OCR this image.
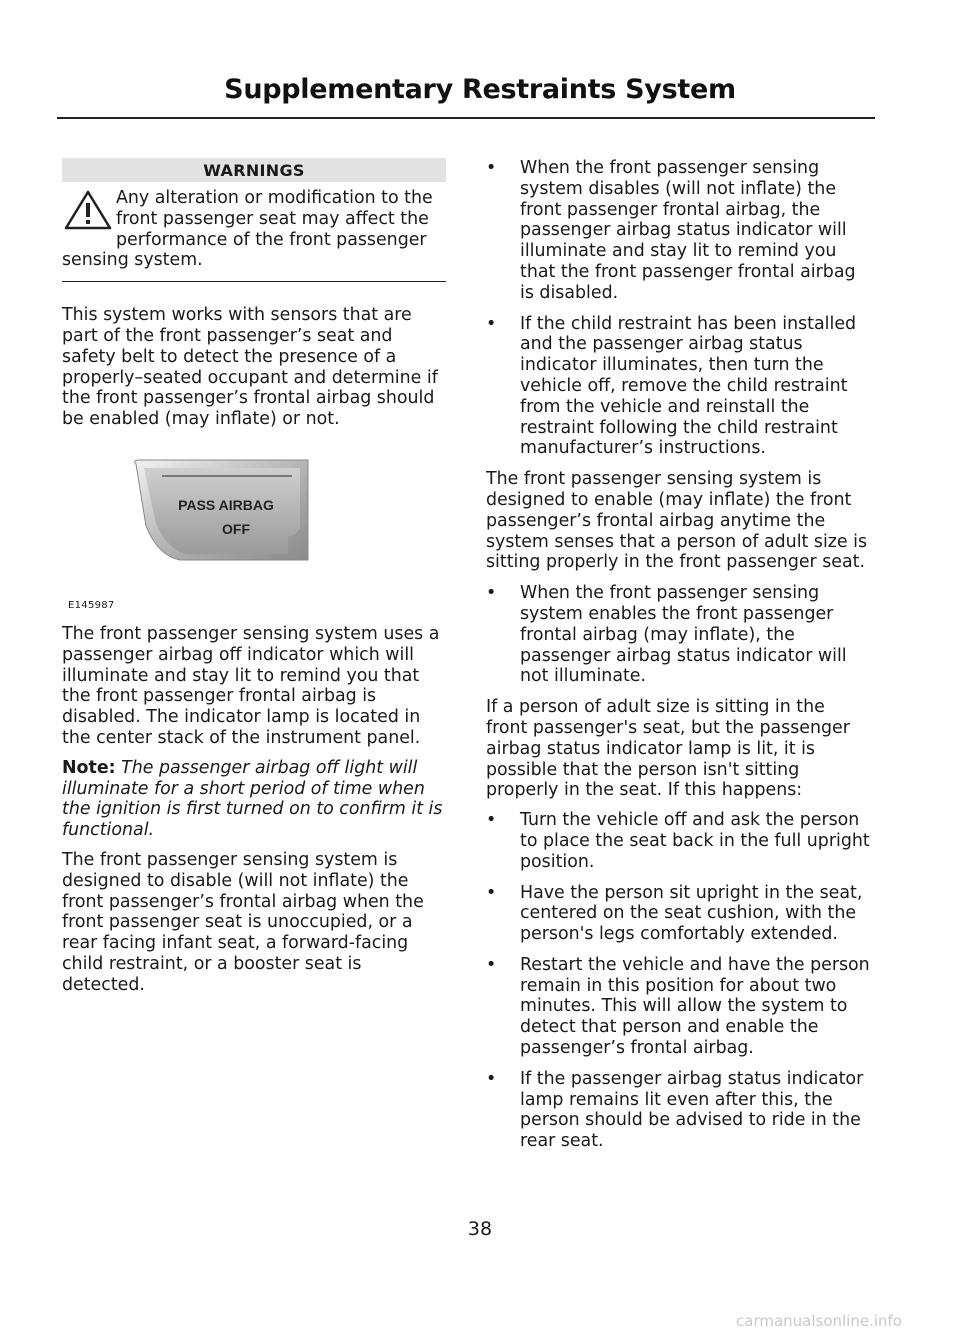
Supplementary Restraints System
WARNINGS
Any alteration or modification to the front passenger seat may affect the performance of the front passenger sensing system.

This system works with sensors that are part of the front passenger’s seat and safety belt to detect the presence of a properly–seated occupant and determine if the front passenger’s frontal airbag should be enabled (may inflate) or not.

PASS AIRBAG
OFF
E145987

The front passenger sensing system uses a passenger airbag off indicator which will illuminate and stay lit to remind you that the front passenger frontal airbag is disabled. The indicator lamp is located in the center stack of the instrument panel.

Note: The passenger airbag off light will illuminate for a short period of time when the ignition is first turned on to confirm it is functional.

The front passenger sensing system is designed to disable (will not inflate) the front passenger’s frontal airbag when the front passenger seat is unoccupied, or a rear facing infant seat, a forward-facing child restraint, or a booster seat is detected.

• When the front passenger sensing system disables (will not inflate) the front passenger frontal airbag, the passenger airbag status indicator will illuminate and stay lit to remind you that the front passenger frontal airbag is disabled.
• If the child restraint has been installed and the passenger airbag status indicator illuminates, then turn the vehicle off, remove the child restraint from the vehicle and reinstall the restraint following the child restraint manufacturer’s instructions.

The front passenger sensing system is designed to enable (may inflate) the front passenger’s frontal airbag anytime the system senses that a person of adult size is sitting properly in the front passenger seat.

• When the front passenger sensing system enables the front passenger frontal airbag (may inflate), the passenger airbag status indicator will not illuminate.

If a person of adult size is sitting in the front passenger's seat, but the passenger airbag status indicator lamp is lit, it is possible that the person isn't sitting properly in the seat. If this happens:

• Turn the vehicle off and ask the person to place the seat back in the full upright position.
• Have the person sit upright in the seat, centered on the seat cushion, with the person's legs comfortably extended.
• Restart the vehicle and have the person remain in this position for about two minutes. This will allow the system to detect that person and enable the passenger’s frontal airbag.
• If the passenger airbag status indicator lamp remains lit even after this, the person should be advised to ride in the rear seat.
38
carmanualsonline.info
